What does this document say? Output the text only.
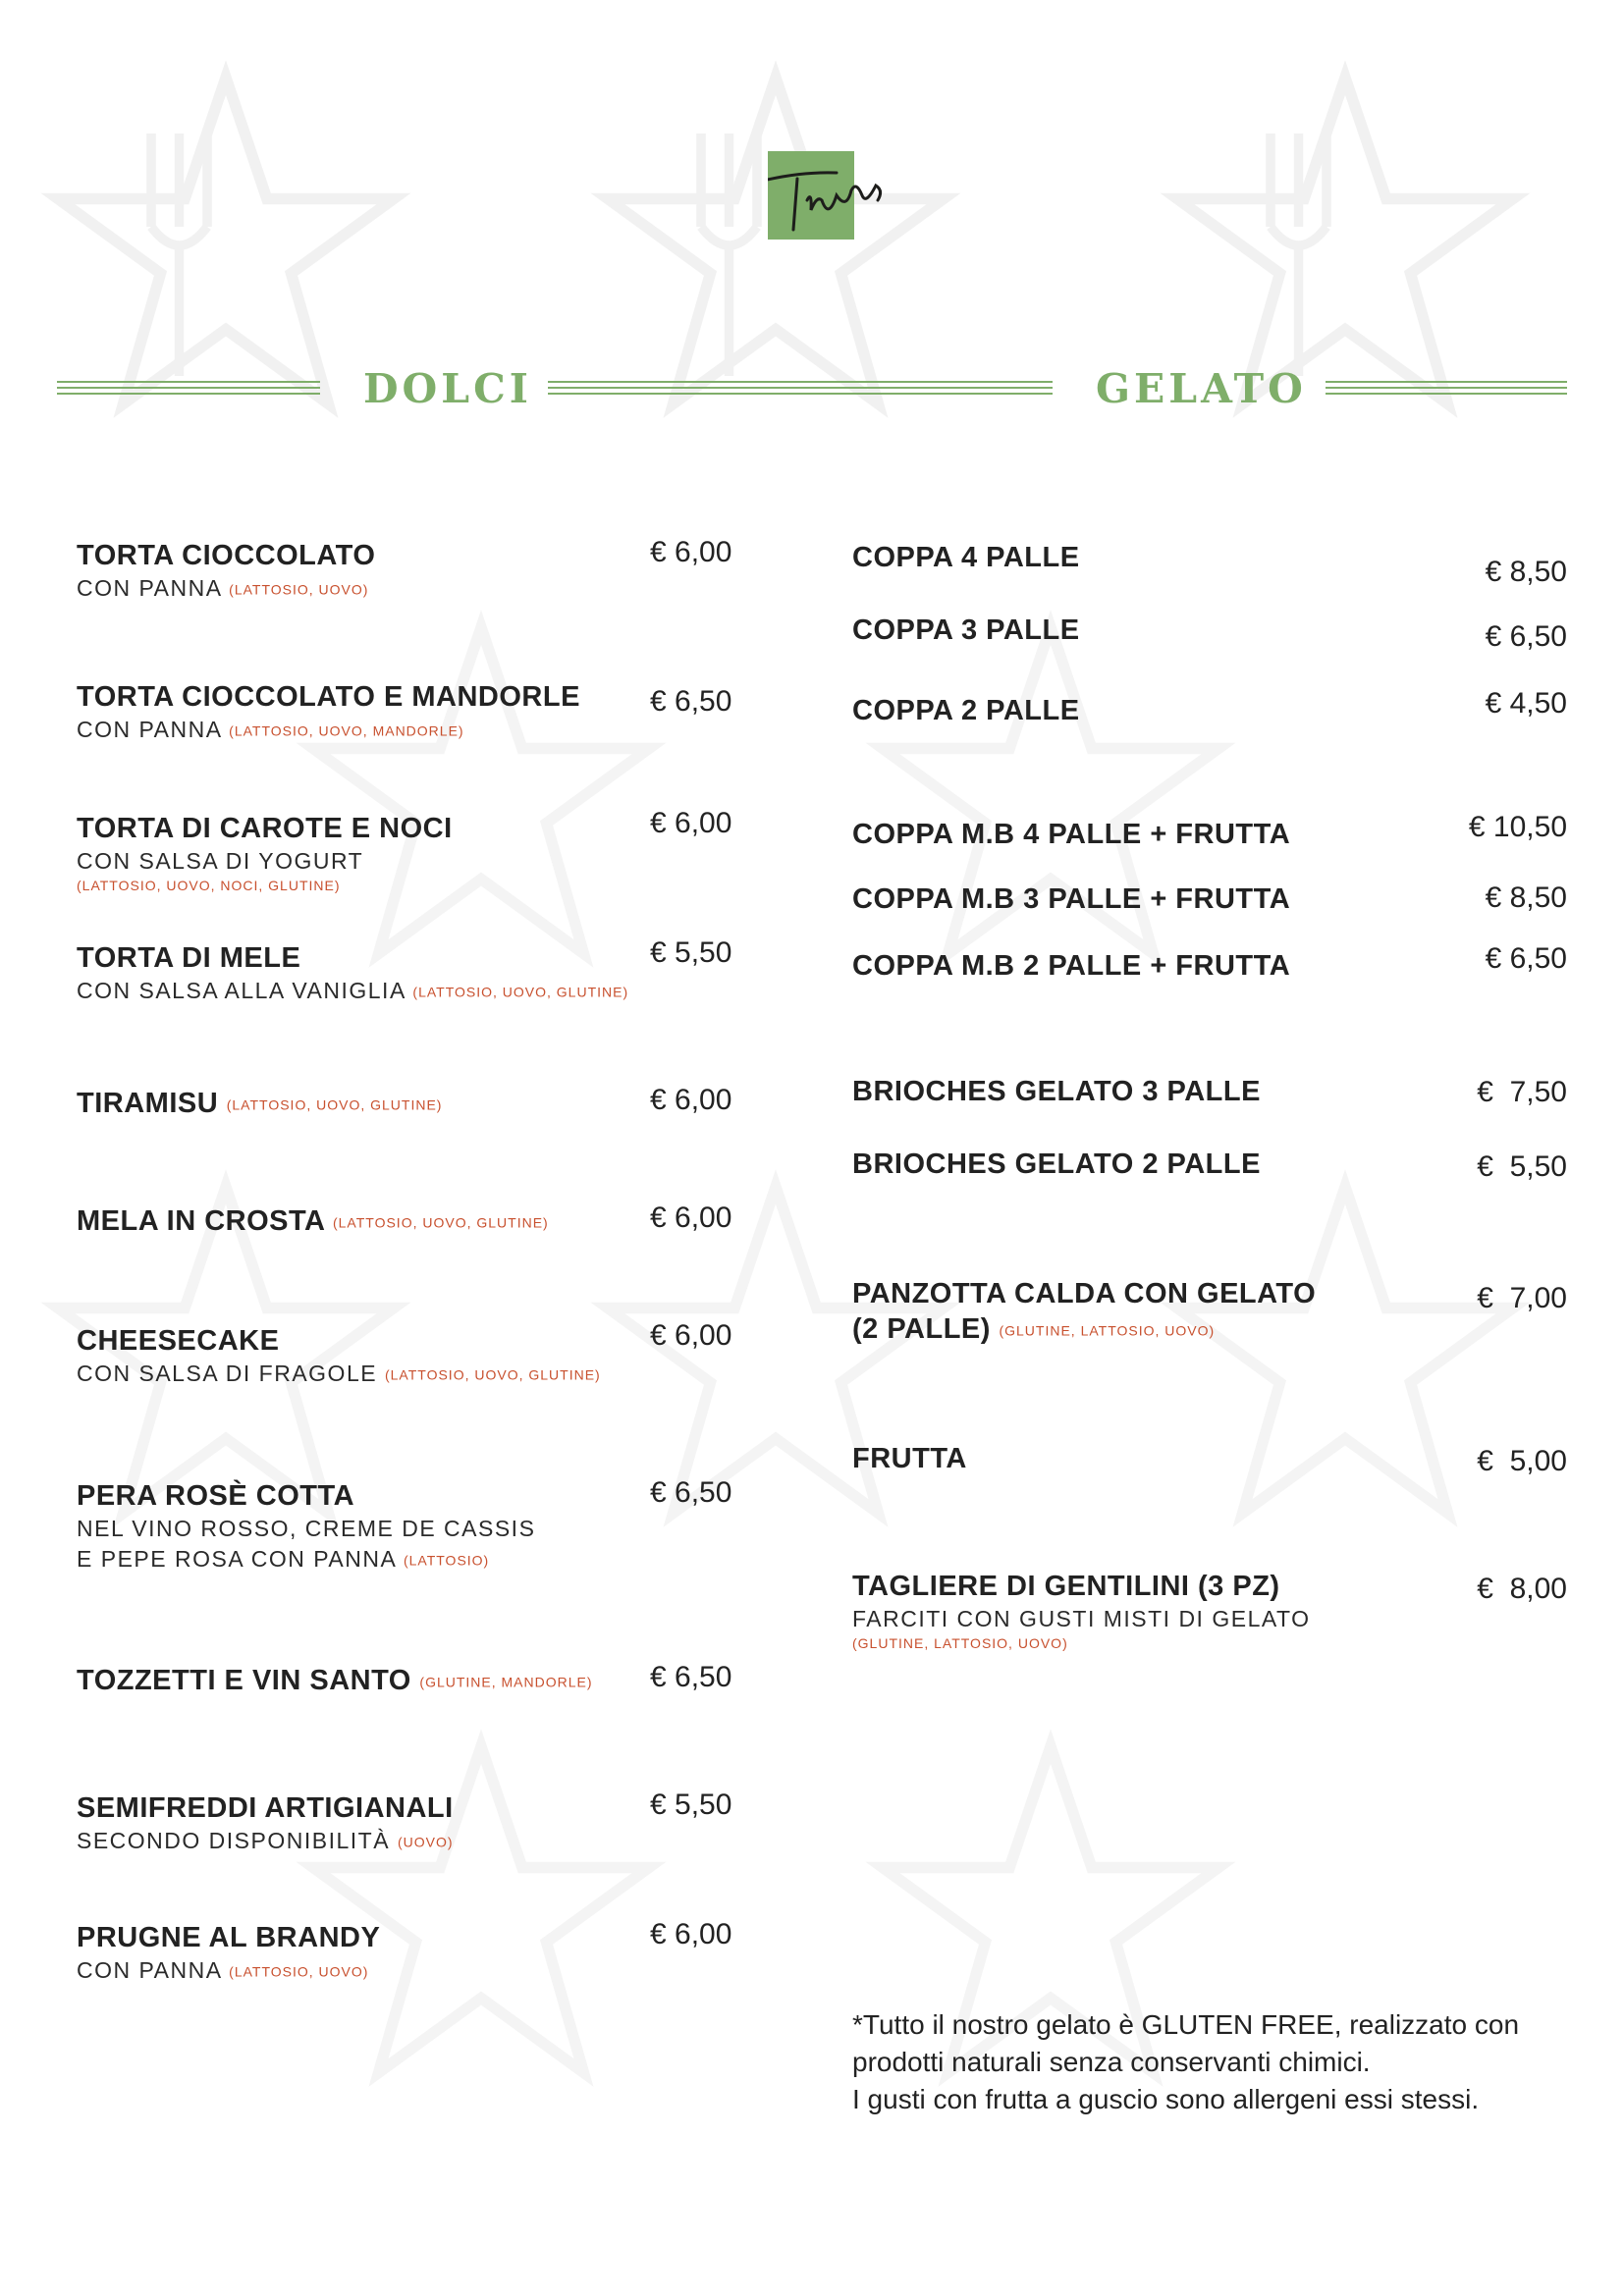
DOLCI	GELATO
TORTA CIOCCOLATO
CON PANNA (LATTOSIO, UOVO)
€ 6,00
TORTA CIOCCOLATO E MANDORLE
CON PANNA (LATTOSIO, UOVO, MANDORLE)
€ 6,50
TORTA DI CAROTE E NOCI
CON SALSA DI YOGURT
(LATTOSIO, UOVO, NOCI, GLUTINE)
€ 6,00
TORTA DI MELE
CON SALSA ALLA VANIGLIA (LATTOSIO, UOVO, GLUTINE)
€ 5,50
TIRAMISU (LATTOSIO, UOVO, GLUTINE)	€ 6,00
MELA IN CROSTA (LATTOSIO, UOVO, GLUTINE)	€ 6,00
CHEESECAKE
CON SALSA DI FRAGOLE (LATTOSIO, UOVO, GLUTINE)
€ 6,00
PERA ROSÈ COTTA
NEL VINO ROSSO, CREME DE CASSIS
E PEPE ROSA CON PANNA (LATTOSIO)
€ 6,50
TOZZETTI E VIN SANTO (GLUTINE, MANDORLE)	€ 6,50
SEMIFREDDI ARTIGIANALI
SECONDO DISPONIBILITÀ (UOVO)
€ 5,50
PRUGNE AL BRANDY
CON PANNA (LATTOSIO, UOVO)
€ 6,00
COPPA 4 PALLE	€ 8,50
COPPA 3 PALLE	€ 6,50
COPPA 2 PALLE	€ 4,50
COPPA M.B 4 PALLE + FRUTTA	€ 10,50
COPPA M.B 3 PALLE + FRUTTA	€ 8,50
COPPA M.B 2 PALLE + FRUTTA	€ 6,50
BRIOCHES GELATO 3 PALLE	€  7,50
BRIOCHES GELATO 2 PALLE	€  5,50
PANZOTTA CALDA CON GELATO
(2 PALLE) (GLUTINE, LATTOSIO, UOVO)
€  7,00
FRUTTA	€  5,00
TAGLIERE DI GENTILINI (3 PZ)
FARCITI CON GUSTI MISTI DI GELATO
(GLUTINE, LATTOSIO, UOVO)
€  8,00
*Tutto il nostro gelato è GLUTEN FREE, realizzato con
prodotti naturali senza conservanti chimici.
I gusti con frutta a guscio sono allergeni essi stessi.
